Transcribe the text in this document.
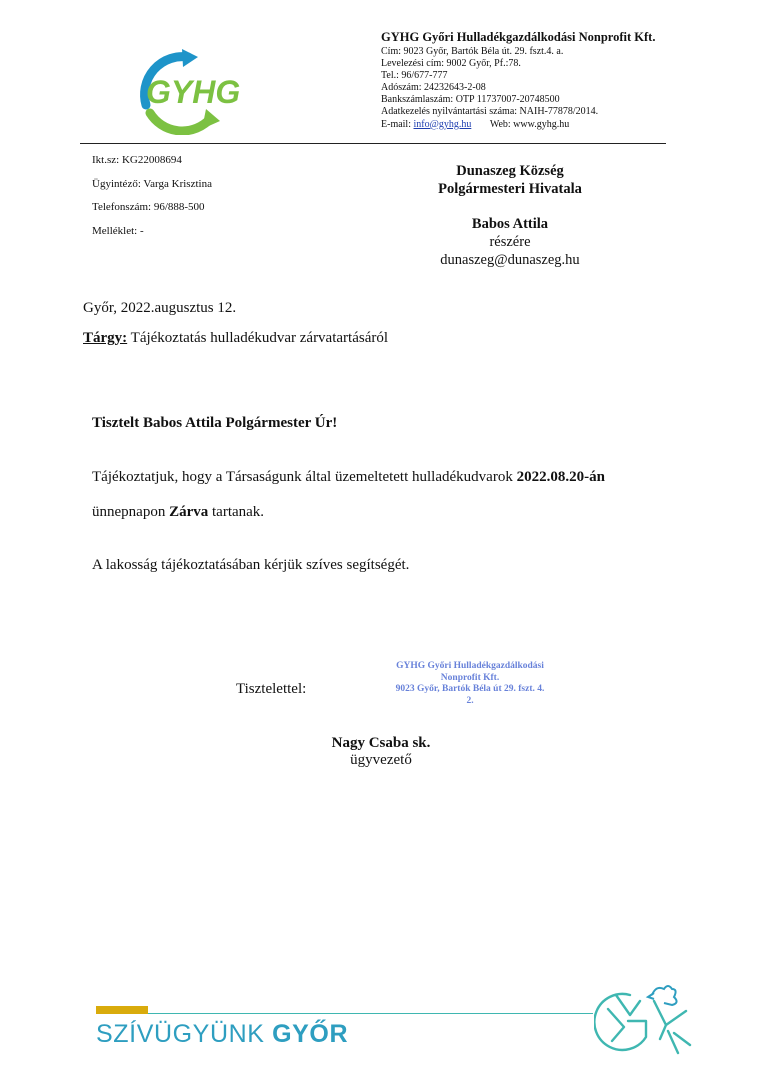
GYHG
GYHG Győri Hulladékgazdálkodási Nonprofit Kft.
Cím: 9023 Győr, Bartók Béla út. 29. fszt.4. a.
Levelezési cím: 9002 Győr, Pf.:78.
Tel.: 96/677-777
Adószám: 24232643-2-08
Bankszámlaszám: OTP 11737007-20748500
Adatkezelés nyilvántartási száma: NAIH-77878/2014.
E-mail: info@gyhg.hu Web: www.gyhg.hu
Ikt.sz: KG22008694
Ügyintéző: Varga Krisztina
Telefonszám: 96/888-500
Melléklet: -
Dunaszeg Község
Polgármesteri Hivatala
Babos Attila
részére
dunaszeg@dunaszeg.hu
Győr, 2022.augusztus 12.
Tárgy: Tájékoztatás hulladékudvar zárvatartásáról
Tisztelt Babos Attila Polgármester Úr!
Tájékoztatjuk, hogy a Társaságunk által üzemeltetett hulladékudvarok 2022.08.20-án
ünnepnapon Zárva tartanak.
A lakosság tájékoztatásában kérjük szíves segítségét.
Tisztelettel:
GYHG Győri Hulladékgazdálkodási
Nonprofit Kft.
9023 Győr, Bartók Béla út 29. fszt. 4.
2.
Nagy Csaba sk.
ügyvezető
SZÍVÜGYÜNK GYŐR
